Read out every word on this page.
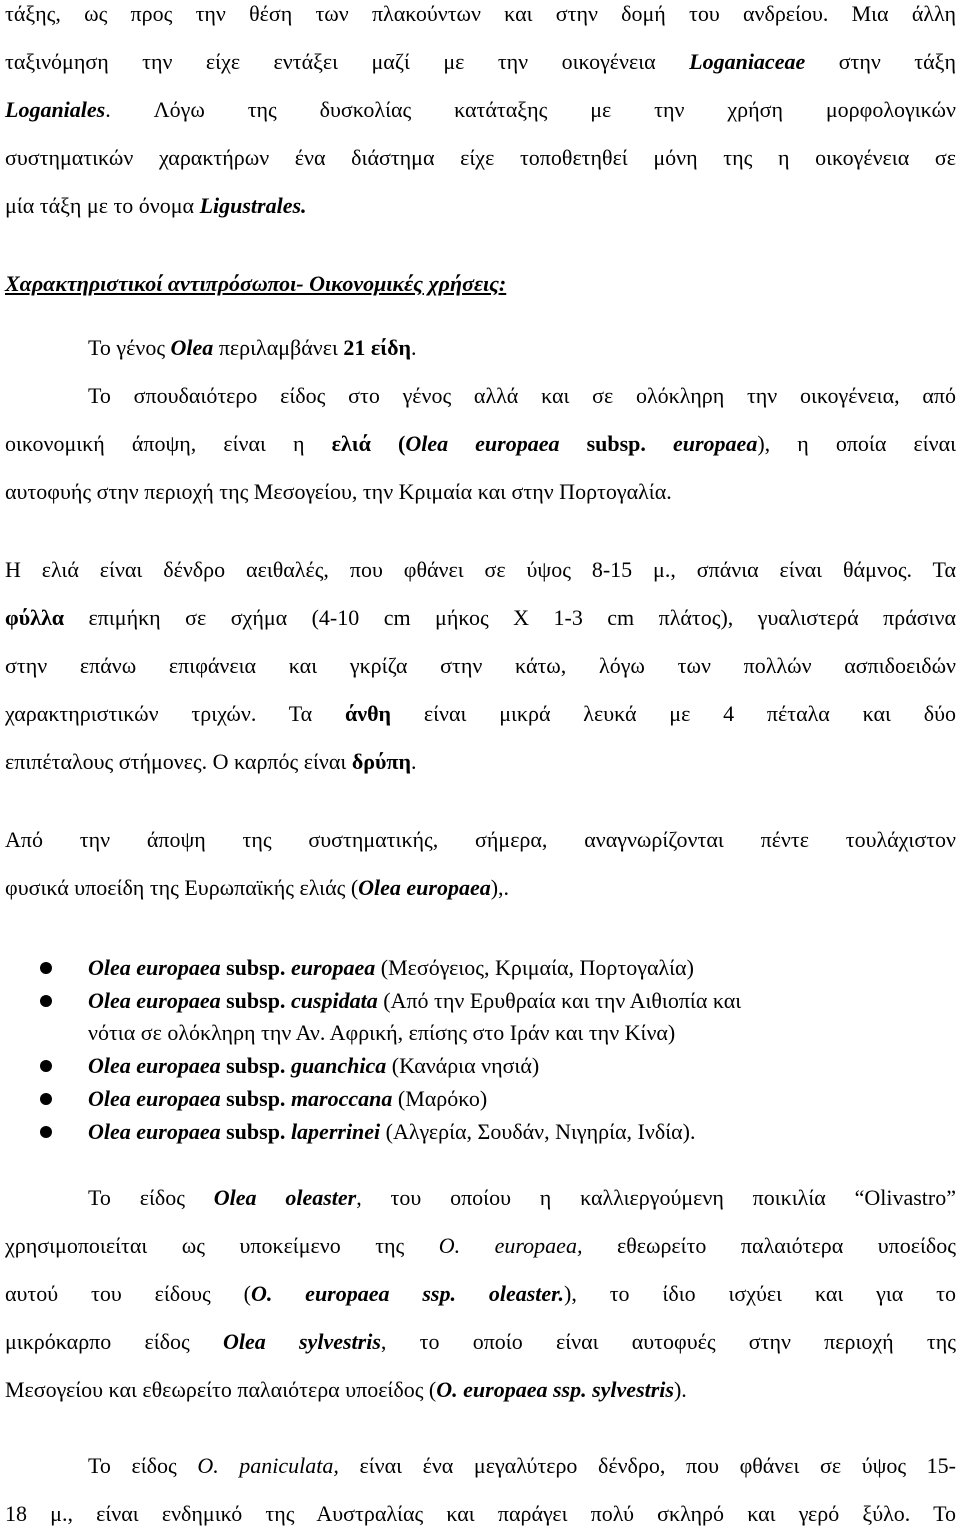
τάξης, ως προς την θέση των πλακούντων και στην δομή του ανδρείου. Μια άλλη
ταξινόμηση την είχε εντάξει μαζί με την οικογένεια Loganiaceae στην τάξη
Loganiales. Λόγω της δυσκολίας κατάταξης με την χρήση μορφολογικών
συστηματικών χαρακτήρων ένα διάστημα είχε τοποθετηθεί μόνη της η οικογένεια σε
μία τάξη με το όνομα Ligustrales.
Χαρακτηριστικοί αντιπρόσωποι- Οικονομικές χρήσεις:
Το γένος Olea περιλαμβάνει 21 είδη.
Το σπουδαιότερο είδος στο γένος αλλά και σε ολόκληρη την οικογένεια, από
οικονομική άποψη, είναι η ελιά (Olea europaea subsp. europaea), η οποία είναι
αυτοφυής στην περιοχή της Μεσογείου, την Κριμαία και στην Πορτογαλία.
Η ελιά είναι δένδρο αειθαλές, που φθάνει σε ύψος 8-15 μ., σπάνια είναι θάμνος. Τα
φύλλα επιμήκη σε σχήμα (4-10 cm μήκος Χ 1-3 cm πλάτος), γυαλιστερά πράσινα
στην επάνω επιφάνεια και γκρίζα στην κάτω, λόγω των πολλών ασπιδοειδών
χαρακτηριστικών τριχών. Τα άνθη είναι μικρά λευκά με 4 πέταλα και δύο
επιπέταλους στήμονες. Ο καρπός είναι δρύπη.
Από την άποψη της συστηματικής, σήμερα, αναγνωρίζονται πέντε τουλάχιστον
φυσικά υποείδη της Ευρωπαϊκής ελιάς (Olea europaea),.
Olea europaea subsp. europaea (Μεσόγειος, Κριμαία, Πορτογαλία)
Olea europaea subsp. cuspidata (Από την Ερυθραία και την Αιθιοπία και
νότια σε ολόκληρη την Αν. Αφρική, επίσης στο Ιράν και την Κίνα)
Olea europaea subsp. guanchica (Κανάρια νησιά)
Olea europaea subsp. maroccana (Μαρόκο)
Olea europaea subsp. laperrinei (Αλγερία, Σουδάν, Νιγηρία, Ινδία).
Το είδος Olea oleaster, του οποίου η καλλιεργούμενη ποικιλία “Olivastro”
χρησιμοποιείται ως υποκείμενο της O. europaea, εθεωρείτο παλαιότερα υποείδος
αυτού του είδους (O. europaea ssp. oleaster.), το ίδιο ισχύει και για το
μικρόκαρπο είδος Olea sylvestris, το οποίο είναι αυτοφυές στην περιοχή της
Μεσογείου και εθεωρείτο παλαιότερα υποείδος (O. europaea ssp. sylvestris).
Το είδος O. paniculata, είναι ένα μεγαλύτερο δένδρο, που φθάνει σε ύψος 15-
18 μ., είναι ενδημικό της Αυστραλίας και παράγει πολύ σκληρό και γερό ξύλο. Το
